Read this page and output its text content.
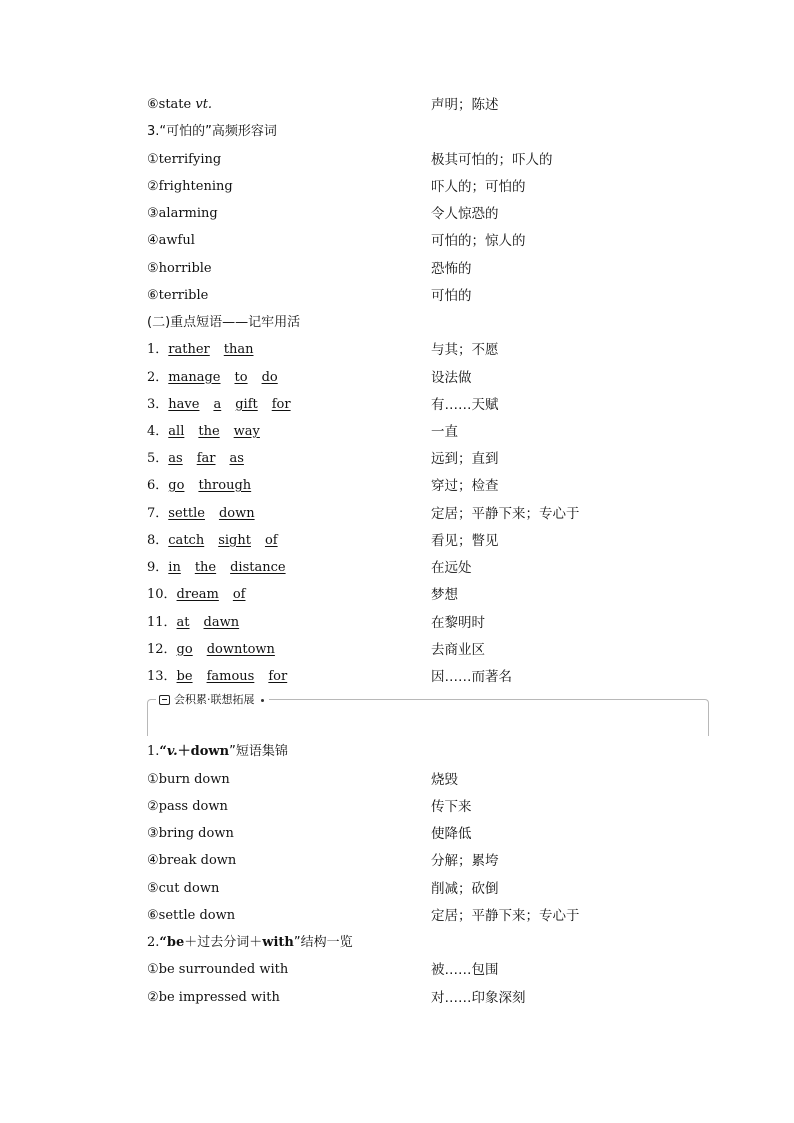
⑥state vt.	声明；陈述
3.“可怕的”高频形容词
①terrifying	极其可怕的；吓人的
②frightening	吓人的；可怕的
③alarming	令人惊恐的
④awful	可怕的；惊人的
⑤horrible	恐怖的
⑥terrible	可怕的
(二)重点短语——记牢用活
1．rather than	与其；不愿
2．manage to do	设法做
3．have a gift for	有……天赋
4．all the way	一直
5．as far as	远到；直到
6．go through	穿过；检查
7．settle down	定居；平静下来；专心于
8．catch sight of	看见；瞥见
9．in the distance	在远处
10．dream of	梦想
11．at dawn	在黎明时
12．go downtown	去商业区
13．be famous for	因……而著名
会积累·联想拓展
1.“v.＋down”短语集锦
①burn down	烧毁
②pass down	传下来
③bring down	使降低
④break down	分解；累垮
⑤cut down	削减；砍倒
⑥settle down	定居；平静下来；专心于
2.“be＋过去分词＋with”结构一览
①be surrounded with	被……包围
②be impressed with	对……印象深刻
